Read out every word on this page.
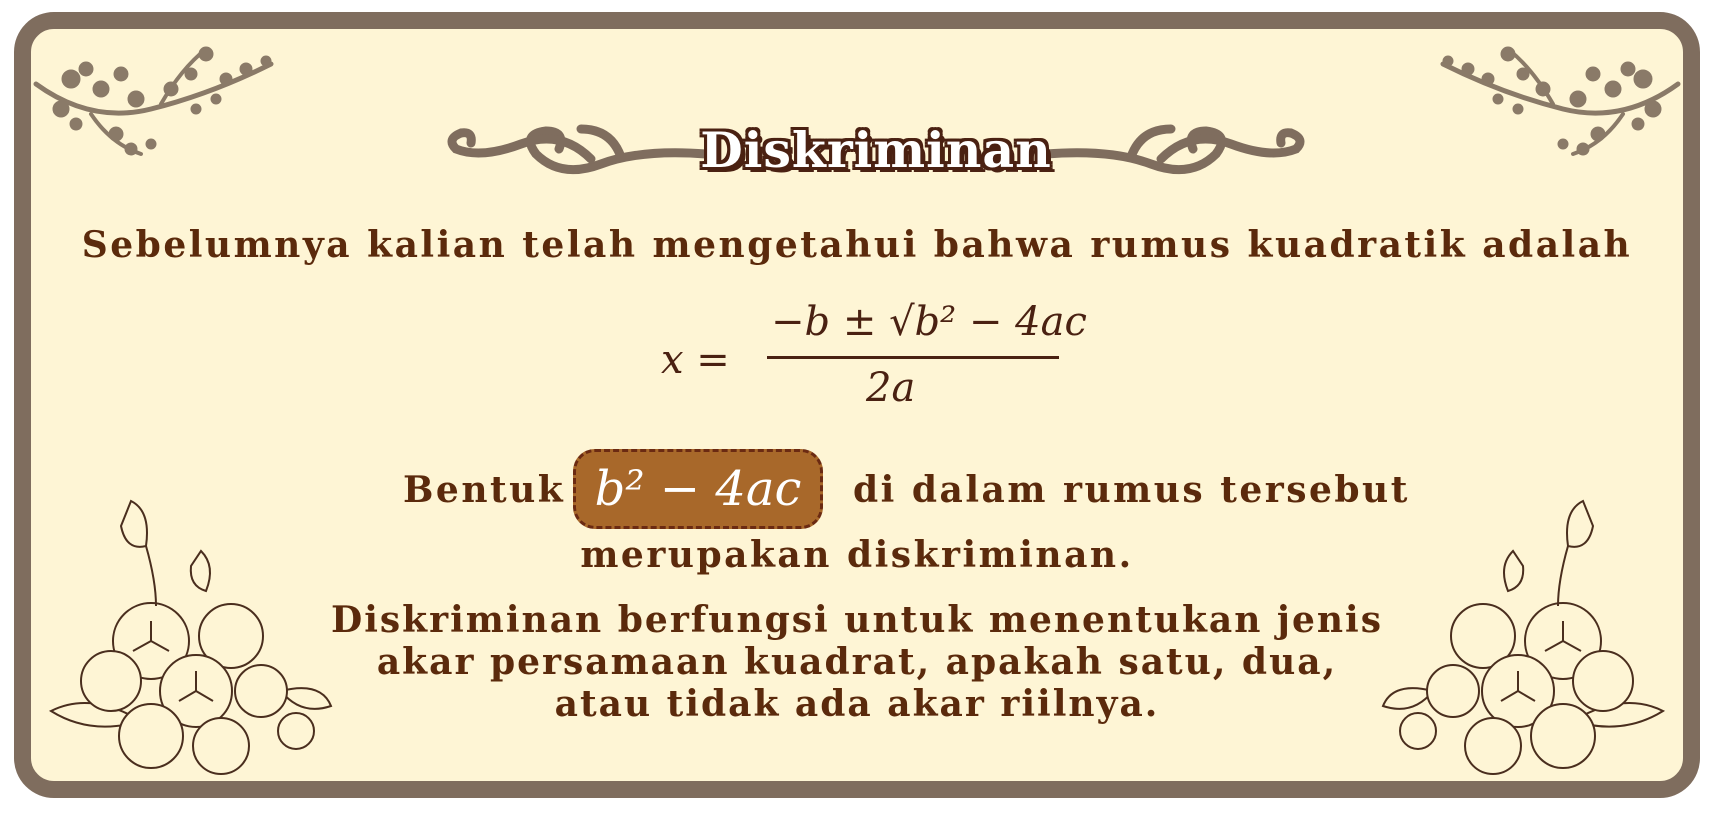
Diskriminan
Sebelumnya kalian telah mengetahui bahwa rumus kuadratik adalah
x =
−b ± √b² − 4ac
2a
Bentuk b² − 4ac	di dalam rumus tersebut
merupakan diskriminan.
Diskriminan berfungsi untuk menentukan jenis akar persamaan kuadrat, apakah satu, dua, atau tidak ada akar riilnya.
